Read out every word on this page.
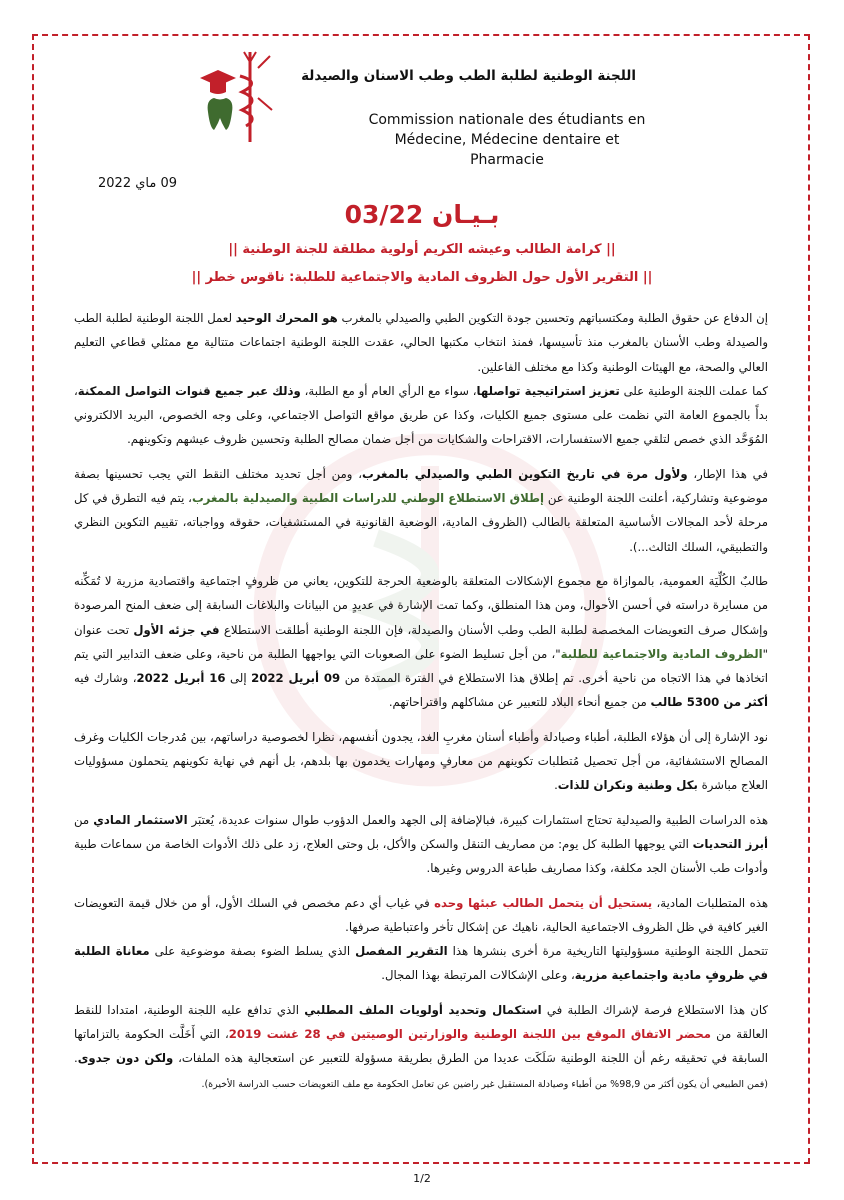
اللجنة الوطنية لطلبة الطب وطب الاسنان والصيدلة
Commission nationale des étudiants en
Médecine, Médecine dentaire et
Pharmacie
09 ماي 2022
بـيـان 03/22
|| كرامة الطالب وعيشه الكريم أولوية مطلقة للجنة الوطنية ||
|| التقرير الأول حول الظروف المادية والاجتماعية للطلبة: ناقوس خطر ||

إن الدفاع عن حقوق الطلبة ومكتسباتهم وتحسين جودة التكوين الطبي والصيدلي بالمغرب هو المحرك الوحيد لعمل اللجنة الوطنية لطلبة الطب والصيدلة وطب الأسنان بالمغرب منذ تأسيسها، فمنذ انتخاب مكتبها الحالي، عقدت اللجنة الوطنية اجتماعات متتالية مع ممثلي قطاعي التعليم العالي والصحة، مع الهيئات الوطنية وكذا مع مختلف الفاعلين.

كما عملت اللجنة الوطنية على تعزيز استراتيجية تواصلها، سواء مع الرأي العام أو مع الطلبة، وذلك عبر جميع قنوات التواصل الممكنة، بدأً بالجموع العامة التي نظمت على مستوى جميع الكليات، وكذا عن طريق مواقع التواصل الاجتماعي، وعلى وجه الخصوص، البريد الالكتروني المُوَحَّد الذي خصص لتلقي جميع الاستفسارات، الاقتراحات والشكايات من أجل ضمان مصالح الطلبة وتحسين ظروف عيشهم وتكوينهم.

في هذا الإطار، ولأول مرة في تاريخ التكوين الطبي والصيدلي بالمغرب، ومن أجل تحديد مختلف النقط التي يجب تحسينها بصفة موضوعية وتشاركية، أعلنت اللجنة الوطنية عن إطلاق الاستطلاع الوطني للدراسات الطبية والصيدلية بالمغرب، يتم فيه التطرق في كل مرحلة لأحد المجالات الأساسية المتعلقة بالطالب (الظروف المادية، الوضعية القانونية في المستشفيات، حقوقه وواجباته، تقييم التكوين النظري والتطبيقي، السلك الثالث...).

طالبٌ الكُلِّيَة العمومية، بالموازاة مع مجموع الإشكالات المتعلقة بالوضعية الحرجة للتكوين، يعاني من ظروفٍ اجتماعية واقتصادية مزرية لا تُمَكِّنه من مسايرة دراسته في أحسن الأحوال، ومن هذا المنطلق، وكما تمت الإشارة في عديدٍ من البيانات والبلاغات السابقة إلى ضعف المنح المرصودة وإشكال صرف التعويضات المخصصة لطلبة الطب وطب الأسنان والصيدلة، فإن اللجنة الوطنية أطلقت الاستطلاع في جزئه الأول تحت عنوان "الظروف المادية والاجتماعية للطلبة"، من أجل تسليط الضوء على الصعوبات التي يواجهها الطلبة من ناحية، وعلى ضعف التدابير التي يتم اتخاذها في هذا الاتجاه من ناحية أخرى. تم إطلاق هذا الاستطلاع في الفترة الممتدة من 09 أبريل 2022 إلى 16 أبريل 2022، وشارك فيه أكثر من 5300 طالب من جميع أنحاء البلاد للتعبير عن مشاكلهم واقتراحاتهم.

نود الإشارة إلى أن هؤلاء الطلبة، أطباء وصيادلة وأطباء أسنان مغربِ الغد، يجدون أنفسهم، نظرا لخصوصية دراساتهم، بين مُدرجات الكليات وغرف المصالح الاستشفائية، من أجل تحصيل مُتطلبات تكوينهم من معارفٍ ومهارات يخدمون بها بلدهم، بل أنهم في نهاية تكوينهم يتحملون مسؤوليات العلاج مباشرة بكل وطنية ونكران للذات.

هذه الدراسات الطبية والصيدلية تحتاج استثمارات كبيرة، فبالإضافة إلى الجهد والعمل الدؤوب طوال سنوات عديدة، يُعتبَر الاستثمار المادي من أبرز التحديات التي يوجهها الطلبة كل يوم: من مصاريف التنقل والسكن والأكل، بل وحتى العلاج، زد على ذلك الأدوات الخاصة من سماعات طبية وأدوات طب الأسنان الجد مكلفة، وكذا مصاريف طباعة الدروس وغيرها.

هذه المتطلبات المادية، يستحيل أن يتحمل الطالب عبئها وحده في غياب أي دعم مخصص في السلك الأول، أو من خلال قيمة التعويضات الغير كافية في ظل الظروف الاجتماعية الحالية، ناهيك عن إشكال تأخر واعتباطية صرفها.

تتحمل اللجنة الوطنية مسؤوليتها التاريخية مرة أخرى بنشرها هذا التقرير المفصل الذي يسلط الضوء بصفة موضوعية على معاناة الطلبة في ظروفٍ مادية واجتماعية مزرية، وعلى الإشكالات المرتبطة بهذا المجال.

كان هذا الاستطلاع فرصة لإشراك الطلبة في استكمال وتحديد أولويات الملف المطلبي الذي تدافع عليه اللجنة الوطنية، امتدادا للنقط العالقة من محضر الاتفاق الموقع بين اللجنة الوطنية والوزارتين الوصيتين في 28 غشت 2019، التي أَخَلَّت الحكومة بالتزاماتها السابقة في تحقيقه رغم أن اللجنة الوطنية سَلَكَت عديدا من الطرق بطريقة مسؤولة للتعبير عن استعجالية هذه الملفات، ولكن دون جدوى. (فمن الطبيعي أن يكون أكثر من 98,9% من أطباء وصيادلة المستقبل غير راضين عن تعامل الحكومة مع ملف التعويضات حسب الدراسة الأخيرة).

1/2
